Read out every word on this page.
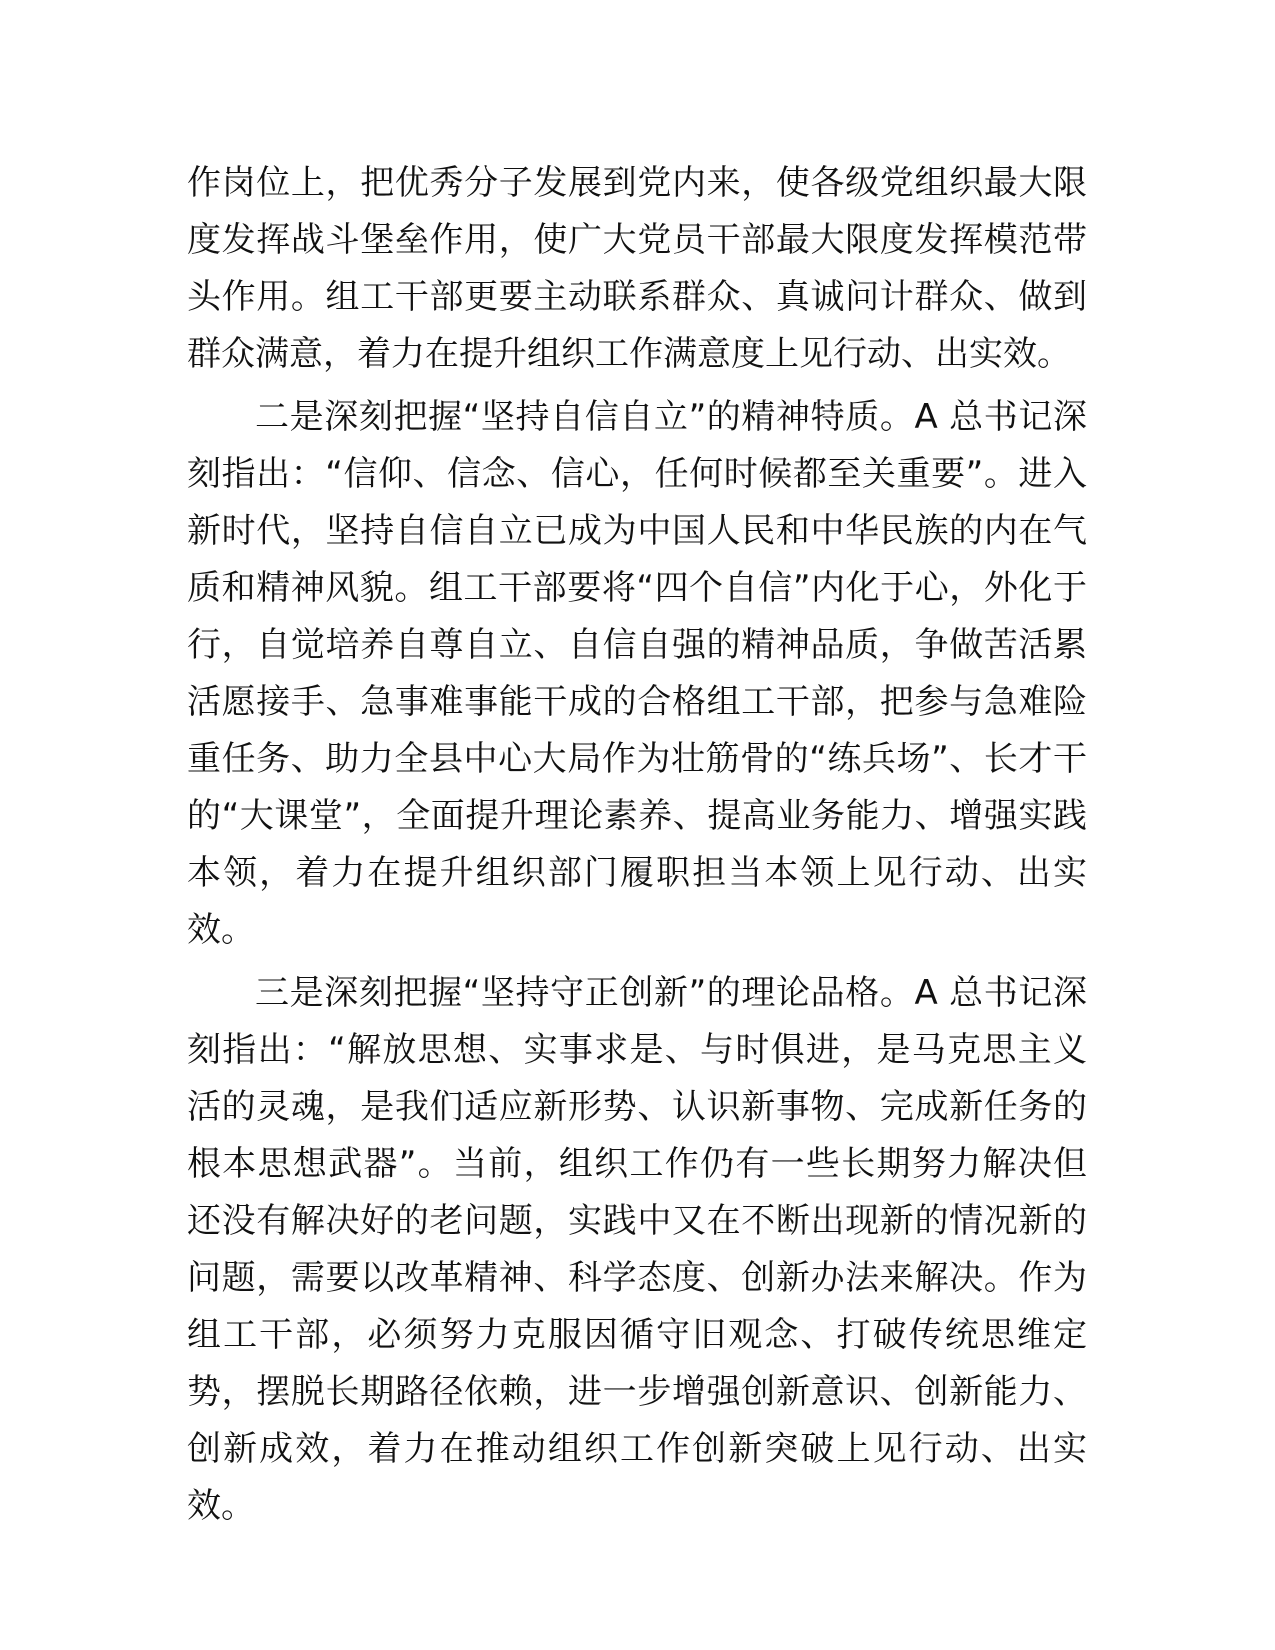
作岗位上，把优秀分子发展到党内来，使各级党组织最大限度发挥战斗堡垒作用，使广大党员干部最大限度发挥模范带头作用。组工干部更要主动联系群众、真诚问计群众、做到群众满意，着力在提升组织工作满意度上见行动、出实效。

二是深刻把握“坚持自信自立”的精神特质。A 总书记深刻指出：“信仰、信念、信心，任何时候都至关重要”。进入新时代，坚持自信自立已成为中国人民和中华民族的内在气质和精神风貌。组工干部要将“四个自信”内化于心，外化于行，自觉培养自尊自立、自信自强的精神品质，争做苦活累活愿接手、急事难事能干成的合格组工干部，把参与急难险重任务、助力全县中心大局作为壮筋骨的“练兵场”、长才干的“大课堂”，全面提升理论素养、提高业务能力、增强实践本领，着力在提升组织部门履职担当本领上见行动、出实效。

三是深刻把握“坚持守正创新”的理论品格。A 总书记深刻指出：“解放思想、实事求是、与时俱进，是马克思主义活的灵魂，是我们适应新形势、认识新事物、完成新任务的根本思想武器”。当前，组织工作仍有一些长期努力解决但还没有解决好的老问题，实践中又在不断出现新的情况新的问题，需要以改革精神、科学态度、创新办法来解决。作为组工干部，必须努力克服因循守旧观念、打破传统思维定势，摆脱长期路径依赖，进一步增强创新意识、创新能力、创新成效，着力在推动组织工作创新突破上见行动、出实效。
